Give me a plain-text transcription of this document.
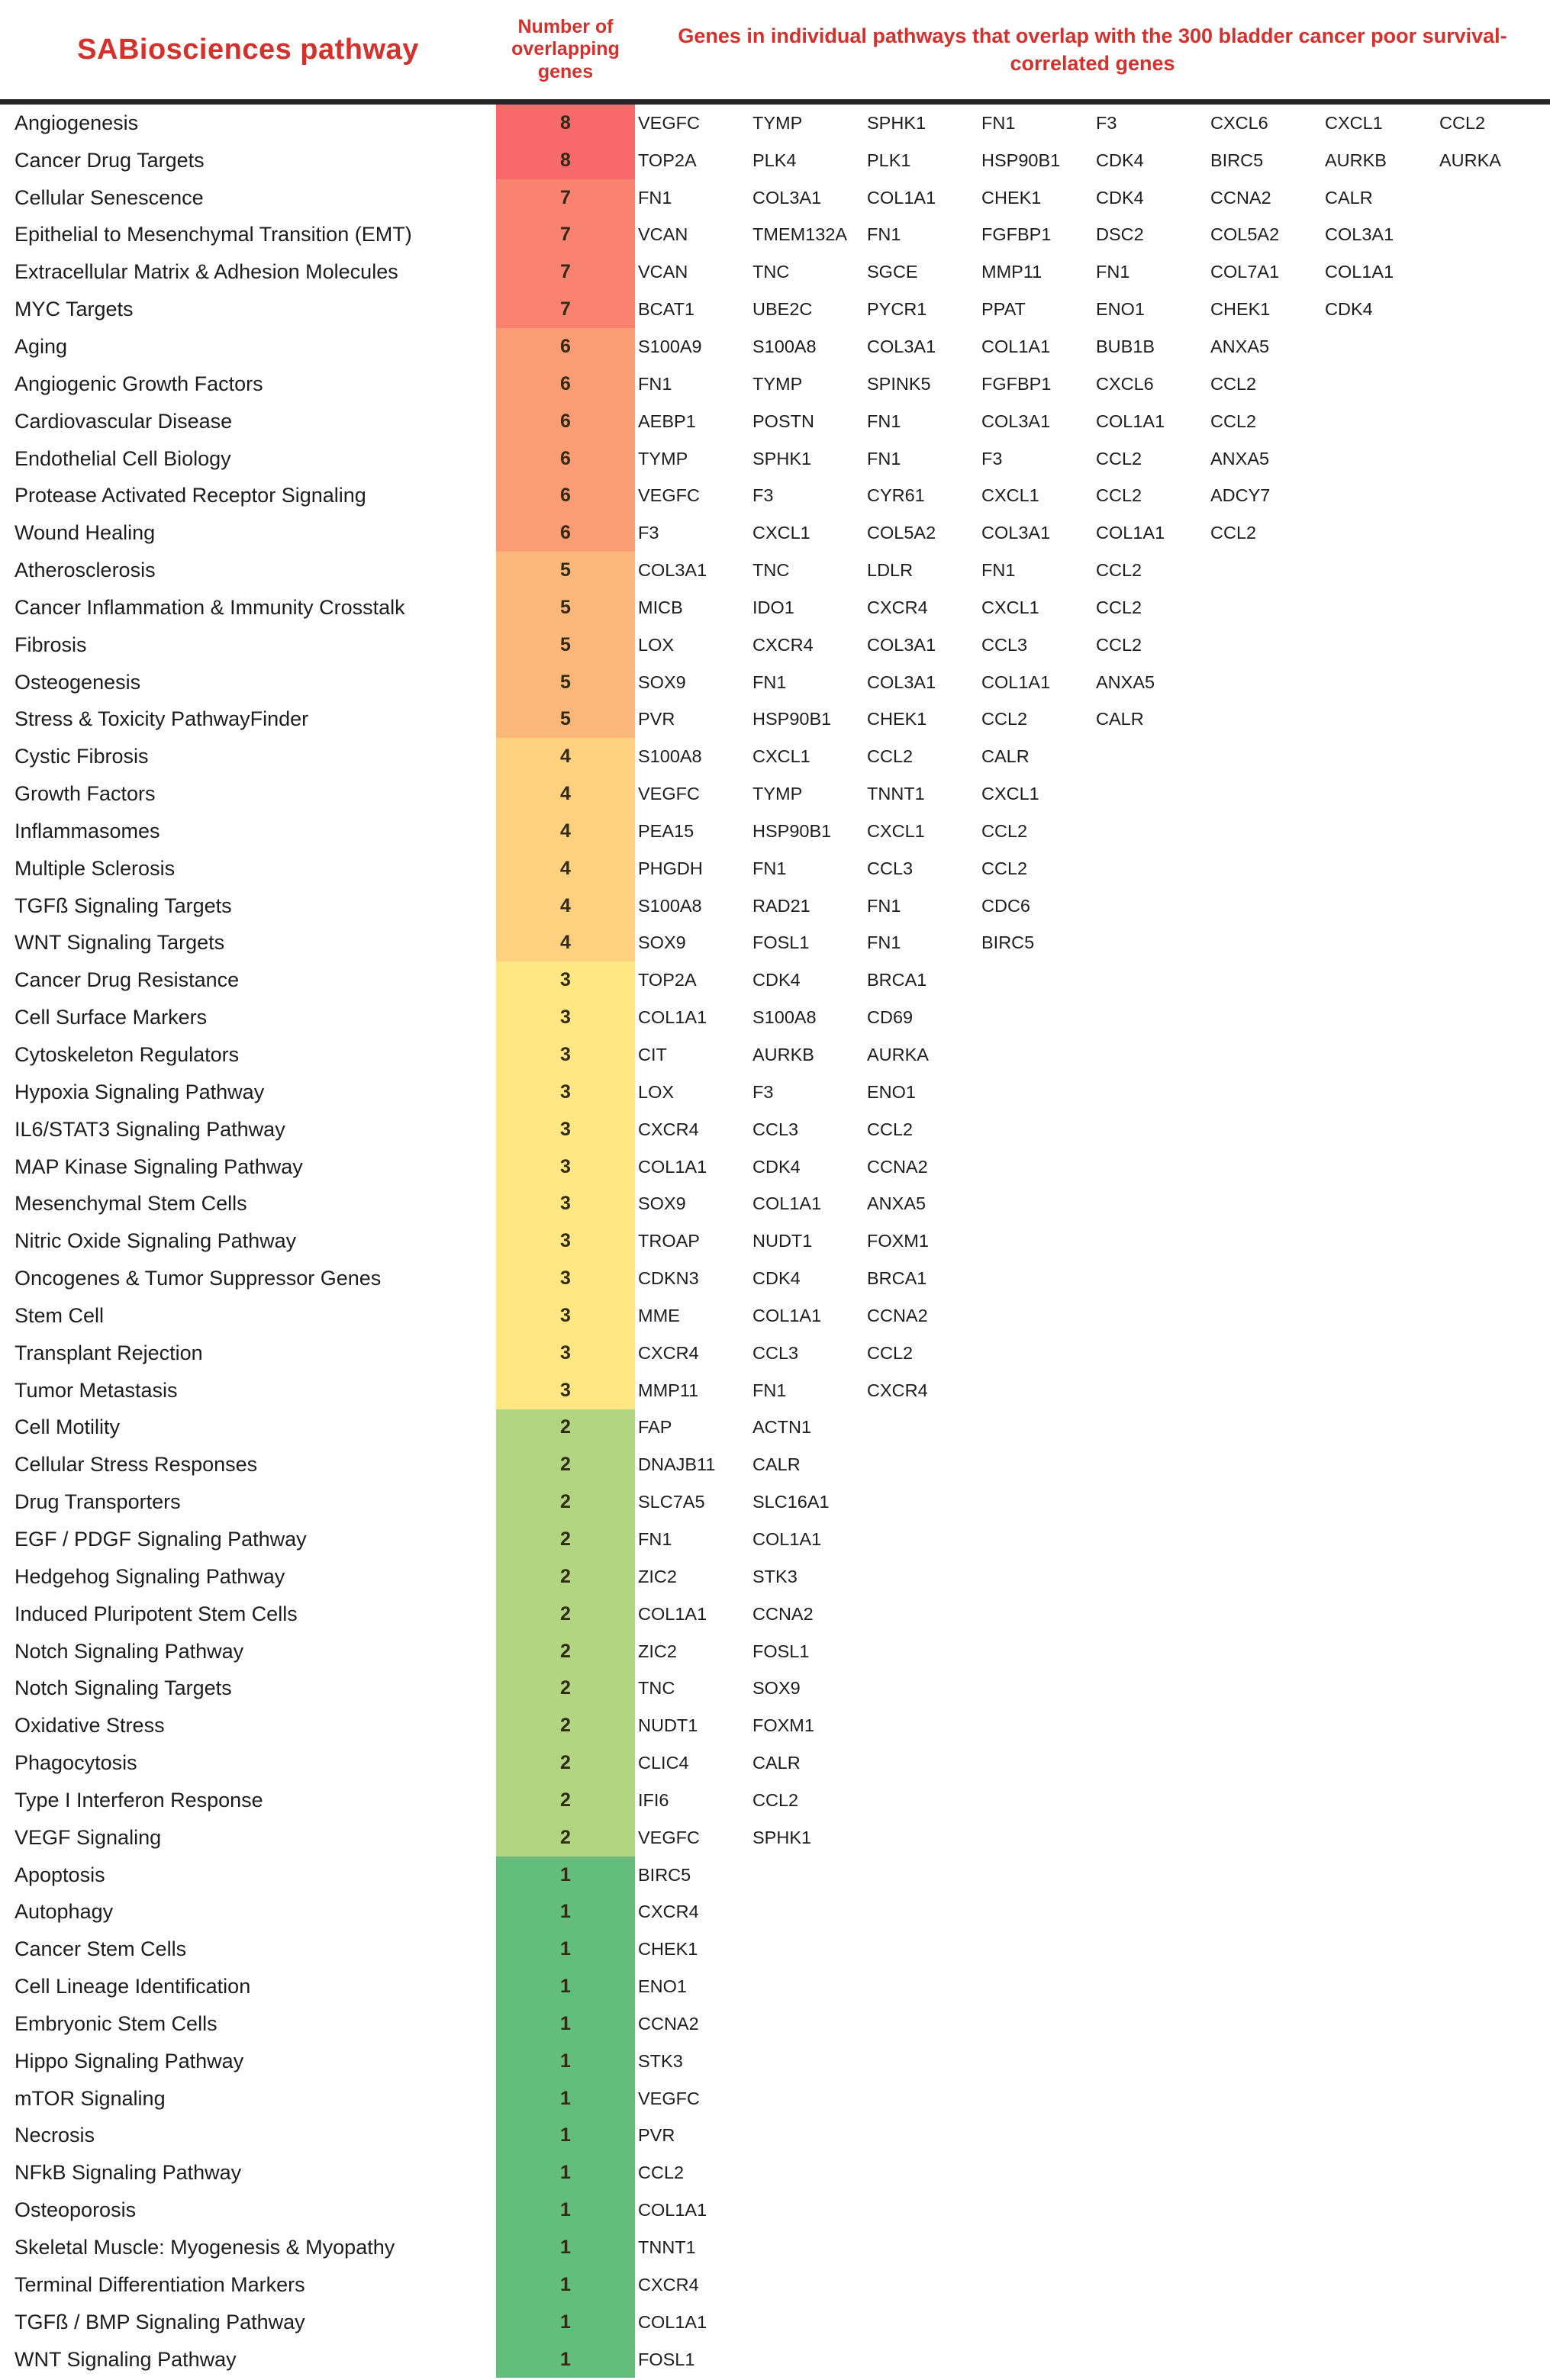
SABiosciences pathway
Number of overlapping genes
Genes in individual pathways that overlap with the 300 bladder cancer poor survival-correlated genes
Angiogenesis	8	VEGFC	TYMP	SPHK1	FN1	F3	CXCL6	CXCL1	CCL2
Cancer Drug Targets	8	TOP2A	PLK4	PLK1	HSP90B1	CDK4	BIRC5	AURKB	AURKA
Cellular Senescence	7	FN1	COL3A1	COL1A1	CHEK1	CDK4	CCNA2	CALR
Epithelial to Mesenchymal Transition (EMT)	7	VCAN	TMEM132A	FN1	FGFBP1	DSC2	COL5A2	COL3A1
Extracellular Matrix & Adhesion Molecules	7	VCAN	TNC	SGCE	MMP11	FN1	COL7A1	COL1A1
MYC Targets	7	BCAT1	UBE2C	PYCR1	PPAT	ENO1	CHEK1	CDK4
Aging	6	S100A9	S100A8	COL3A1	COL1A1	BUB1B	ANXA5
Angiogenic Growth Factors	6	FN1	TYMP	SPINK5	FGFBP1	CXCL6	CCL2
Cardiovascular Disease	6	AEBP1	POSTN	FN1	COL3A1	COL1A1	CCL2
Endothelial Cell Biology	6	TYMP	SPHK1	FN1	F3	CCL2	ANXA5
Protease Activated Receptor Signaling	6	VEGFC	F3	CYR61	CXCL1	CCL2	ADCY7
Wound Healing	6	F3	CXCL1	COL5A2	COL3A1	COL1A1	CCL2
Atherosclerosis	5	COL3A1	TNC	LDLR	FN1	CCL2
Cancer Inflammation & Immunity Crosstalk	5	MICB	IDO1	CXCR4	CXCL1	CCL2
Fibrosis	5	LOX	CXCR4	COL3A1	CCL3	CCL2
Osteogenesis	5	SOX9	FN1	COL3A1	COL1A1	ANXA5
Stress & Toxicity PathwayFinder	5	PVR	HSP90B1	CHEK1	CCL2	CALR
Cystic Fibrosis	4	S100A8	CXCL1	CCL2	CALR
Growth Factors	4	VEGFC	TYMP	TNNT1	CXCL1
Inflammasomes	4	PEA15	HSP90B1	CXCL1	CCL2
Multiple Sclerosis	4	PHGDH	FN1	CCL3	CCL2
TGFß Signaling Targets	4	S100A8	RAD21	FN1	CDC6
WNT Signaling Targets	4	SOX9	FOSL1	FN1	BIRC5
Cancer Drug Resistance	3	TOP2A	CDK4	BRCA1
Cell Surface Markers	3	COL1A1	S100A8	CD69
Cytoskeleton Regulators	3	CIT	AURKB	AURKA
Hypoxia Signaling Pathway	3	LOX	F3	ENO1
IL6/STAT3 Signaling Pathway	3	CXCR4	CCL3	CCL2
MAP Kinase Signaling Pathway	3	COL1A1	CDK4	CCNA2
Mesenchymal Stem Cells	3	SOX9	COL1A1	ANXA5
Nitric Oxide Signaling Pathway	3	TROAP	NUDT1	FOXM1
Oncogenes & Tumor Suppressor Genes	3	CDKN3	CDK4	BRCA1
Stem Cell	3	MME	COL1A1	CCNA2
Transplant Rejection	3	CXCR4	CCL3	CCL2
Tumor Metastasis	3	MMP11	FN1	CXCR4
Cell Motility	2	FAP	ACTN1
Cellular Stress Responses	2	DNAJB11	CALR
Drug Transporters	2	SLC7A5	SLC16A1
EGF / PDGF Signaling Pathway	2	FN1	COL1A1
Hedgehog Signaling Pathway	2	ZIC2	STK3
Induced Pluripotent Stem Cells	2	COL1A1	CCNA2
Notch Signaling Pathway	2	ZIC2	FOSL1
Notch Signaling Targets	2	TNC	SOX9
Oxidative Stress	2	NUDT1	FOXM1
Phagocytosis	2	CLIC4	CALR
Type I Interferon Response	2	IFI6	CCL2
VEGF Signaling	2	VEGFC	SPHK1
Apoptosis	1	BIRC5
Autophagy	1	CXCR4
Cancer Stem Cells	1	CHEK1
Cell Lineage Identification	1	ENO1
Embryonic Stem Cells	1	CCNA2
Hippo Signaling Pathway	1	STK3
mTOR Signaling	1	VEGFC
Necrosis	1	PVR
NFkB Signaling Pathway	1	CCL2
Osteoporosis	1	COL1A1
Skeletal Muscle: Myogenesis & Myopathy	1	TNNT1
Terminal Differentiation Markers	1	CXCR4
TGFß / BMP Signaling Pathway	1	COL1A1
WNT Signaling Pathway	1	FOSL1
